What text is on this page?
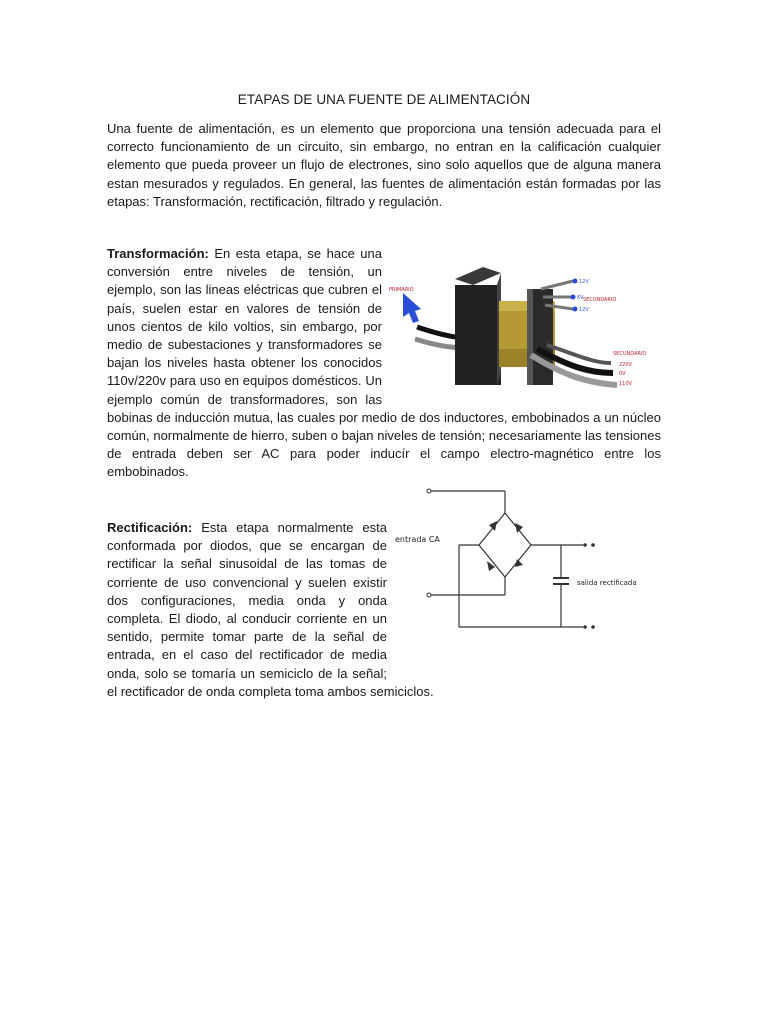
ETAPAS DE UNA FUENTE DE ALIMENTACIÓN

Una fuente de alimentación, es un elemento que proporciona una tensión adecuada para el correcto funcionamiento de un circuito, sin embargo, no entran en la calificación cualquier elemento que pueda proveer un flujo de electrones, sino solo aquellos que de alguna manera estan mesurados y regulados. En general, las fuentes de alimentación están formadas por las etapas: Transformación, rectificación, filtrado y regulación.

PRIMARIO
SECUNDARIO
12V
6V
12V
SECUNDARIO
220V
0V
110V
Transformación: En esta etapa, se hace una conversión entre niveles de tensión, un ejemplo, son las lineas eléctricas que cubren el país, suelen estar en valores de tensión de unos cientos de kilo voltios, sin embargo, por medio de subestaciones y transformadores se bajan los niveles hasta obtener los conocidos 110v/220v para uso en equipos domésticos. Un ejemplo común de transformadores, son las bobinas de inducción mutua, las cuales por medio de dos inductores, embobinados a un núcleo común, normalmente de hierro, suben o bajan niveles de tensión; necesariamente las tensiones de entrada deben ser AC para poder inducír el campo electro-magnético entre los embobinados.
entrada CA
salida rectificada
Rectificación: Esta etapa normalmente esta conformada por diodos, que se encargan de rectificar la señal sinusoidal de las tomas de corriente de uso convencional y suelen existir dos configuraciones, media onda y onda completa. El diodo, al conducir corriente en un sentido, permite tomar parte de la señal de entrada, en el caso del rectificador de media onda, solo se tomaría un semiciclo de la señal; el rectificador de onda completa toma ambos semiciclos.
